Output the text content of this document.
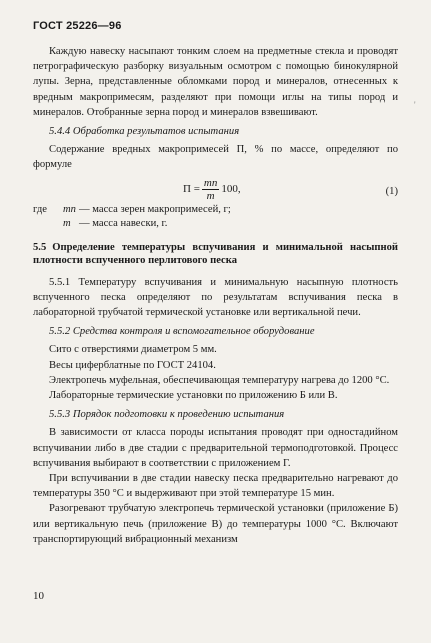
ГОСТ 25226—96

Каждую навеску насыпают тонким слоем на предметные стекла и проводят петрографическую разборку визуальным осмотром с помощью бинокулярной лупы. Зерна, представленные обломками пород и минералов, отнесенных к вредным макропримесям, разделяют при помощи иглы на типы пород и минералов. Отобранные зерна пород и минералов взвешивают.

5.4.4 Обработка результатов испытания

Содержание вредных макропримесей П, % по массе, определяют по формуле

$П = \frac{mп}{m} 100$,	(1)
где	mп — масса зерен макропримесей, г;
m — масса навески, г.

5.5 Определение температуры вспучивания и минимальной насыпной плотности вспученного перлитового песка

5.5.1 Температуру вспучивания и минимальную насыпную плотность вспученного песка определяют по результатам вспучивания песка в лабораторной трубчатой термической установке или вертикальной печи.

5.5.2 Средства контроля и вспомогательное оборудование

Сито с отверстиями диаметром 5 мм.

Весы циферблатные по ГОСТ 24104.

Электропечь муфельная, обеспечивающая температуру нагрева до 1200 °С.

Лабораторные термические установки по приложению Б или В.

5.5.3 Порядок подготовки к проведению испытания

В зависимости от класса породы испытания проводят при одностадийном вспучивании либо в две стадии с предварительной термоподготовкой. Процесс вспучивания выбирают в соответствии с приложением Г.

При вспучивании в две стадии навеску песка предварительно нагревают до температуры 350 °С и выдерживают при этой температуре 15 мин.

Разогревают трубчатую электропечь термической установки (приложение Б) или вертикальную печь (приложение В) до температуры 1000 °С. Включают транспортирующий вибрационный механизм

10
'
